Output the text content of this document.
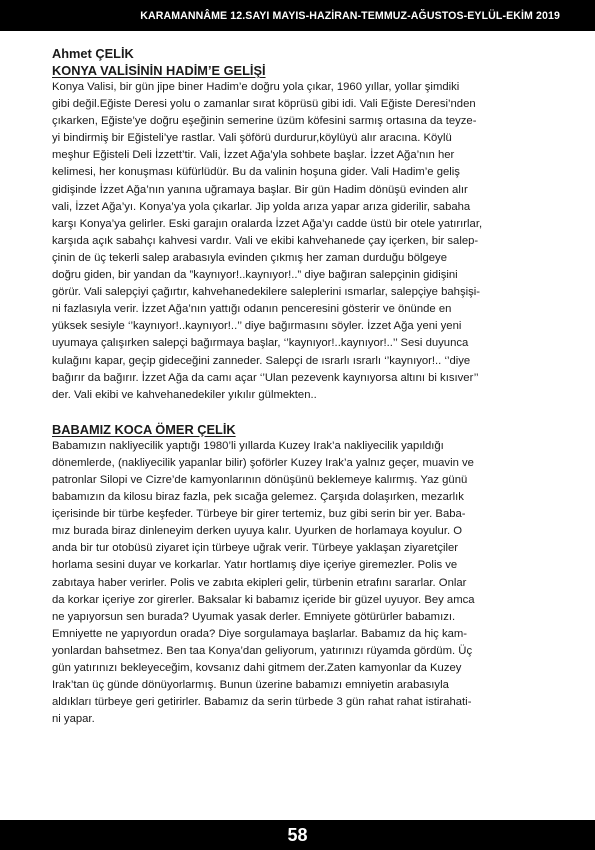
KARAMANNÂME 12.SAYI MAYIS-HAZİRAN-TEMMUZ-AĞUSTOS-EYLÜL-EKİM 2019

Ahmet ÇELİK

KONYA VALİSİNİN HADİM’E GELİŞİ

Konya Valisi, bir gün jipe biner Hadim’e doğru yola çıkar, 1960 yıllar, yollar şimdiki
gibi değil.Eğiste Deresi yolu o zamanlar sırat köprüsü gibi idi. Vali Eğiste Deresi’nden
çıkarken, Eğiste’ye doğru eşeğinin semerine üzüm köfesini sarmış ortasına da teyze-
yi bindirmiş bir Eğisteli’ye rastlar. Vali şöförü durdurur,köylüyü alır aracına. Köylü
meşhur Eğisteli Deli İzzett’tir. Vali, İzzet Ağa’yla sohbete başlar. İzzet Ağa’nın her
kelimesi, her konuşması küfürlüdür. Bu da valinin hoşuna gider. Vali Hadim’e geliş
gidişinde İzzet Ağa’nın yanına uğramaya başlar. Bir gün Hadim dönüşü evinden alır
vali, İzzet Ağa’yı. Konya’ya yola çıkarlar. Jip yolda arıza yapar arıza giderilir, sabaha
karşı Konya’ya gelirler. Eski garajın oralarda İzzet Ağa’yı cadde üstü bir otele yatırırlar,
karşıda açık sabahçı kahvesi vardır. Vali ve ekibi kahvehanede çay içerken, bir salep-
çinin de üç tekerli salep arabasıyla evinden çıkmış her zaman durduğu bölgeye
doğru giden, bir yandan da ”kaynıyor!..kaynıyor!..” diye bağıran salepçinin gidişini
görür. Vali salepçiyi çağırtır, kahvehanedekilere saleplerini ısmarlar, salepçiye bahşişi-
ni fazlasıyla verir. İzzet Ağa’nın yattığı odanın penceresini gösterir ve önünde en
yüksek sesiyle ‘’kaynıyor!..kaynıyor!..’’ diye bağırmasını söyler. İzzet Ağa yeni yeni
uyumaya çalışırken salepçi bağırmaya başlar, ‘’kaynıyor!..kaynıyor!..’’ Sesi duyunca
kulağını kapar, geçip gideceğini zanneder. Salepçi de ısrarlı ısrarlı ‘’kaynıyor!.. ‘’diye
bağırır da bağırır. İzzet Ağa da camı açar ‘’Ulan pezevenk kaynıyorsa altını bi kısıver’’
der. Vali ekibi ve kahvehanedekiler yıkılır gülmekten..

BABAMIZ KOCA ÖMER ÇELİK

Babamızın nakliyecilik yaptığı 1980’li yıllarda Kuzey Irak’a nakliyecilik yapıldığı
dönemlerde, (nakliyecilik yapanlar bilir) şoförler Kuzey Irak’a yalnız geçer, muavin ve
patronlar Silopi ve Cizre’de kamyonlarının dönüşünü beklemeye kalırmış. Yaz günü
babamızın da kilosu biraz fazla, pek sıcağa gelemez. Çarşıda dolaşırken, mezarlık
içerisinde bir türbe keşfeder. Türbeye bir girer tertemiz, buz gibi serin bir yer. Baba-
mız burada biraz dinleneyim derken uyuya kalır. Uyurken de horlamaya koyulur. O
anda bir tur otobüsü ziyaret için türbeye uğrak verir. Türbeye yaklaşan ziyaretçiler
horlama sesini duyar ve korkarlar. Yatır hortlamış diye içeriye giremezler. Polis ve
zabıtaya haber verirler. Polis ve zabıta ekipleri gelir, türbenin etrafını sararlar. Onlar
da korkar içeriye zor girerler. Baksalar ki babamız içeride bir güzel uyuyor. Bey amca
ne yapıyorsun sen burada? Uyumak yasak derler. Emniyete götürürler babamızı.
Emniyette ne yapıyordun orada? Diye sorgulamaya başlarlar. Babamız da hiç kam-
yonlardan bahsetmez. Ben taa Konya’dan geliyorum, yatırınızı rüyamda gördüm. Üç
gün yatırınızı bekleyeceğim, kovsanız dahi gitmem der.Zaten kamyonlar da Kuzey
Irak’tan üç günde dönüyorlarmış. Bunun üzerine babamızı emniyetin arabasıyla
aldıkları türbeye geri getirirler. Babamız da serin türbede 3 gün rahat rahat istirahati-
ni yapar.

58
